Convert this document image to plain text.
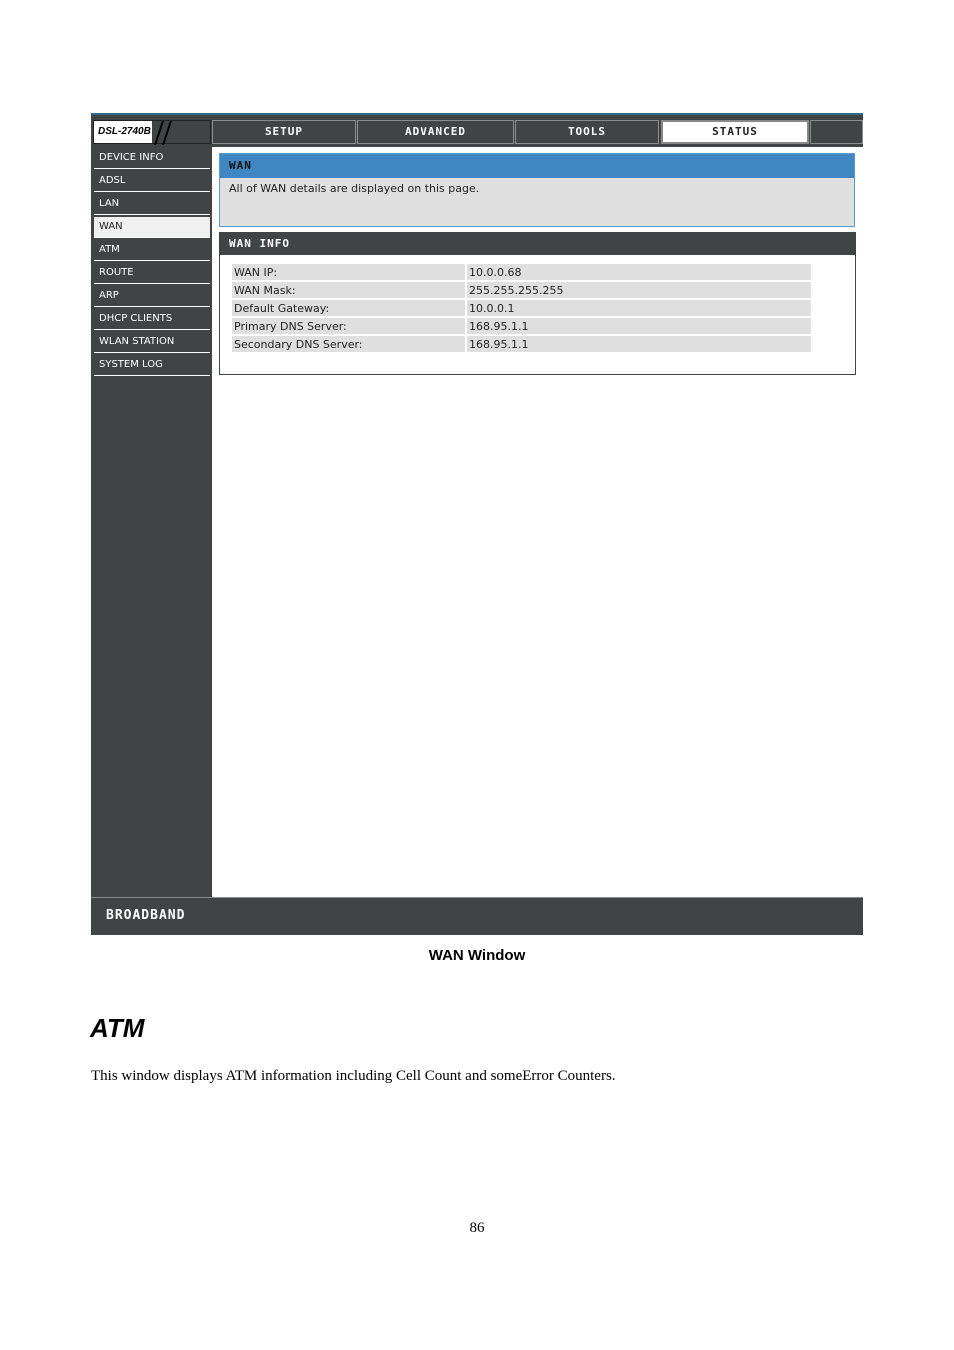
DSL-2740B	SETUP	ADVANCED	TOOLS	STATUS
DEVICE INFO
ADSL
LAN
WAN
ATM
ROUTE
ARP
DHCP CLIENTS
WLAN STATION
SYSTEM LOG
WAN
All of WAN details are displayed on this page.
WAN INFO
WAN IP:	10.0.0.68
WAN Mask:	255.255.255.255
Default Gateway:	10.0.0.1
Primary DNS Server:	168.95.1.1
Secondary DNS Server:	168.95.1.1
BROADBAND
WAN Window
ATM
This window displays ATM information including Cell Count and someError Counters.
86
